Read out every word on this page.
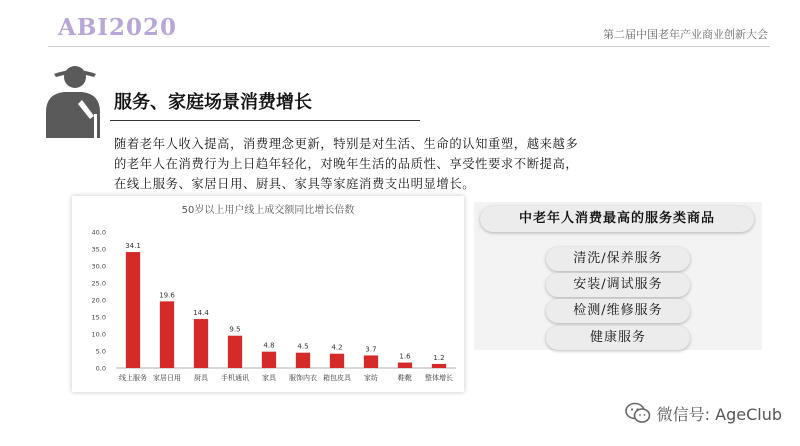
ABI2020	第二届中国老年产业商业创新大会
服务、家庭场景消费增长
随着老年人收入提高，消费理念更新，特别是对生活、生命的认知重塑，越来越多
的老年人在消费行为上日趋年轻化，对晚年生活的品质性、享受性要求不断提高，
在线上服务、家居日用、厨具、家具等家庭消费支出明显增长。
50岁以上用户线上成交额同比增长倍数
0.0
5.0
10.0
15.0
20.0
25.0
30.0
35.0
40.0
34.1
线上服务
19.6
家居日用
14.4
厨具
9.5
手机通讯
4.8
家具
4.5
服饰内衣
4.2
箱包皮具
3.7
家纺
1.6
鞋靴
1.2
整体增长
中老年人消费最高的服务类商品
清洗/保养服务
安装/调试服务
检测/维修服务
健康服务
微信号: AgeClub
